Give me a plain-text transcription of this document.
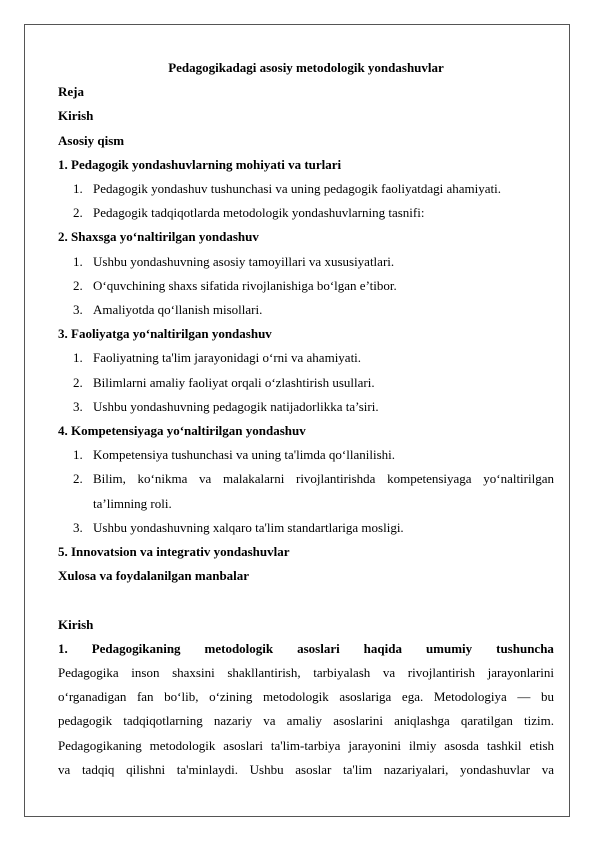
Pedagogikadagi asosiy metodologik yondashuvlar

Reja

Kirish

Asosiy qism

1. Pedagogik yondashuvlarning mohiyati va turlari

1. Pedagogik yondashuv tushunchasi va uning pedagogik faoliyatdagi ahamiyati.
2. Pedagogik tadqiqotlarda metodologik yondashuvlarning tasnifi:

2. Shaxsga yo‘naltirilgan yondashuv

1. Ushbu yondashuvning asosiy tamoyillari va xususiyatlari.
2. O‘quvchining shaxs sifatida rivojlanishiga bo‘lgan e’tibor.
3. Amaliyotda qo‘llanish misollari.

3. Faoliyatga yo‘naltirilgan yondashuv

1. Faoliyatning ta'lim jarayonidagi o‘rni va ahamiyati.
2. Bilimlarni amaliy faoliyat orqali o‘zlashtirish usullari.
3. Ushbu yondashuvning pedagogik natijadorlikka ta’siri.

4. Kompetensiyaga yo‘naltirilgan yondashuv

1. Kompetensiya tushunchasi va uning ta'limda qo‘llanilishi.
2. Bilim, ko‘nikma va malakalarni rivojlantirishda kompetensiyaga yo‘naltirilgan ta’limning roli.
3. Ushbu yondashuvning xalqaro ta'lim standartlariga mosligi.

5. Innovatsion va integrativ yondashuvlar

Xulosa va foydalanilgan manbalar

Kirish

1. Pedagogikaning metodologik asoslari haqida umumiy tushuncha

Pedagogika inson shaxsini shakllantirish, tarbiyalash va rivojlantirish jarayonlarini

o‘rganadigan fan bo‘lib, o‘zining metodologik asoslariga ega. Metodologiya — bu

pedagogik tadqiqotlarning nazariy va amaliy asoslarini aniqlashga qaratilgan tizim.

Pedagogikaning metodologik asoslari ta'lim-tarbiya jarayonini ilmiy asosda tashkil etish

va tadqiq qilishni ta'minlaydi. Ushbu asoslar ta'lim nazariyalari, yondashuvlar va
